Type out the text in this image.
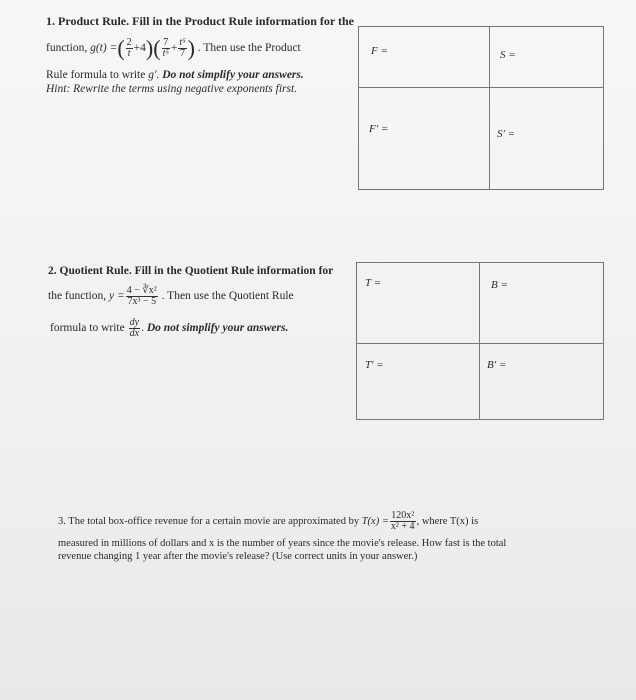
1. Product Rule. Fill in the Product Rule information for the
function, g(t) =( $\frac{2}{t} +4)( \frac{7}{\text{t⁵}} + \frac{\text{t⁵}}{7}$ ) . Then use the Product
Rule formula to write g′. Do not simplify your answers.
Hint: Rewrite the terms using negative exponents first.
F =	S =
F′ =	S′ =
2. Quotient Rule. Fill in the Quotient Rule information for
the function, $y = \frac{\text{4 − ∛x²}}{\text{7x³ − 5}}$ . Then use the Quotient Rule
formula to write $\frac{dy}{dx}$ . Do not simplify your answers.
T =	B =
T′ =	B′ =
3. The total box-office revenue for a certain movie are approximated by $T(x) = \frac{\text{120x²}}{\text{x² + 4}}$ , where T(x) is
measured in millions of dollars and x is the number of years since the movie's release. How fast is the total
revenue changing 1 year after the movie's release? (Use correct units in your answer.)
